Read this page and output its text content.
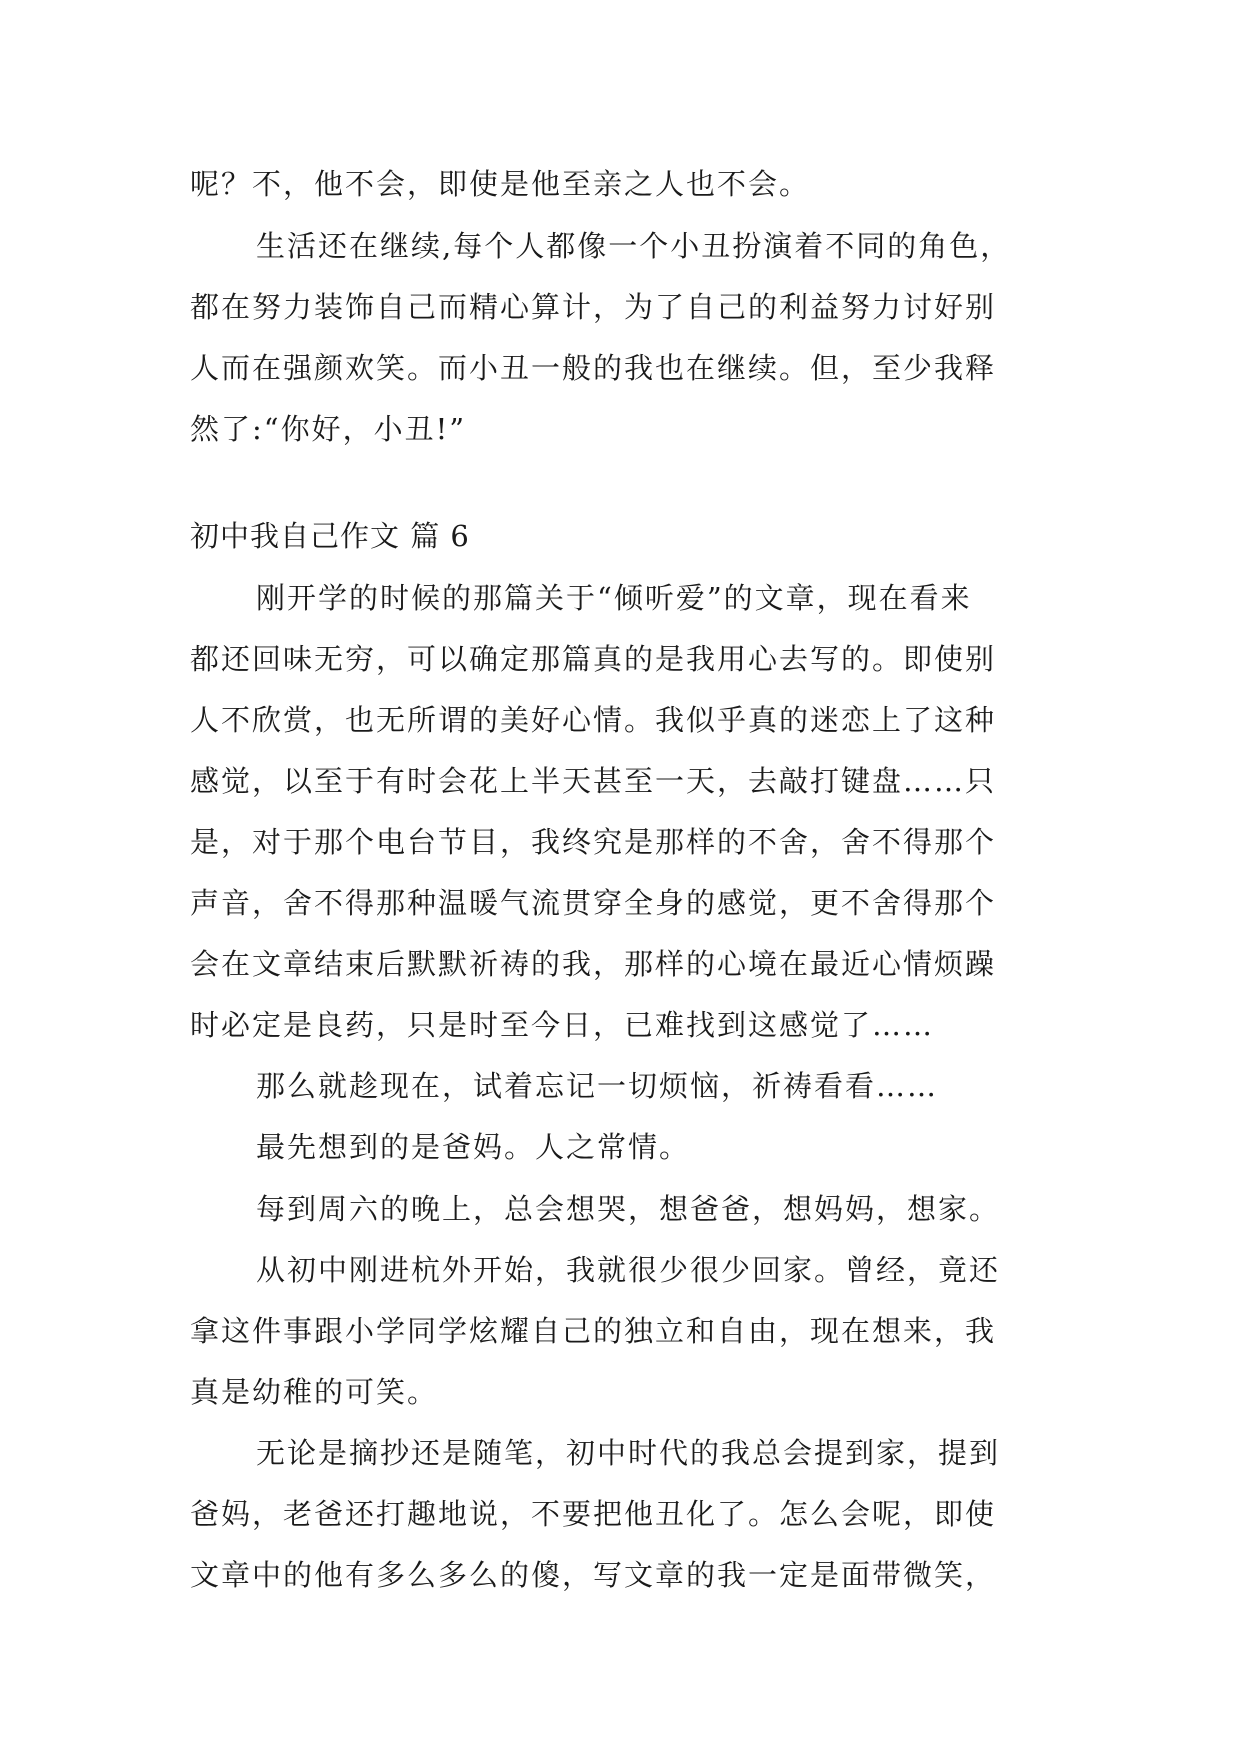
呢？不，他不会，即使是他至亲之人也不会。
生活还在继续,每个人都像一个小丑扮演着不同的角色，
都在努力装饰自己而精心算计，为了自己的利益努力讨好别
人而在强颜欢笑。而小丑一般的我也在继续。但，至少我释
然了:“你好，小丑!”
初中我自己作文 篇 6
刚开学的时候的那篇关于“倾听爱”的文章，现在看来
都还回味无穷，可以确定那篇真的是我用心去写的。即使别
人不欣赏，也无所谓的美好心情。我似乎真的迷恋上了这种
感觉，以至于有时会花上半天甚至一天，去敲打键盘……只
是，对于那个电台节目，我终究是那样的不舍，舍不得那个
声音，舍不得那种温暖气流贯穿全身的感觉，更不舍得那个
会在文章结束后默默祈祷的我，那样的心境在最近心情烦躁
时必定是良药，只是时至今日，已难找到这感觉了……
那么就趁现在，试着忘记一切烦恼，祈祷看看……
最先想到的是爸妈。人之常情。
每到周六的晚上，总会想哭，想爸爸，想妈妈，想家。
从初中刚进杭外开始，我就很少很少回家。曾经，竟还
拿这件事跟小学同学炫耀自己的独立和自由，现在想来，我
真是幼稚的可笑。
无论是摘抄还是随笔，初中时代的我总会提到家，提到
爸妈，老爸还打趣地说，不要把他丑化了。怎么会呢，即使
文章中的他有多么多么的傻，写文章的我一定是面带微笑，
